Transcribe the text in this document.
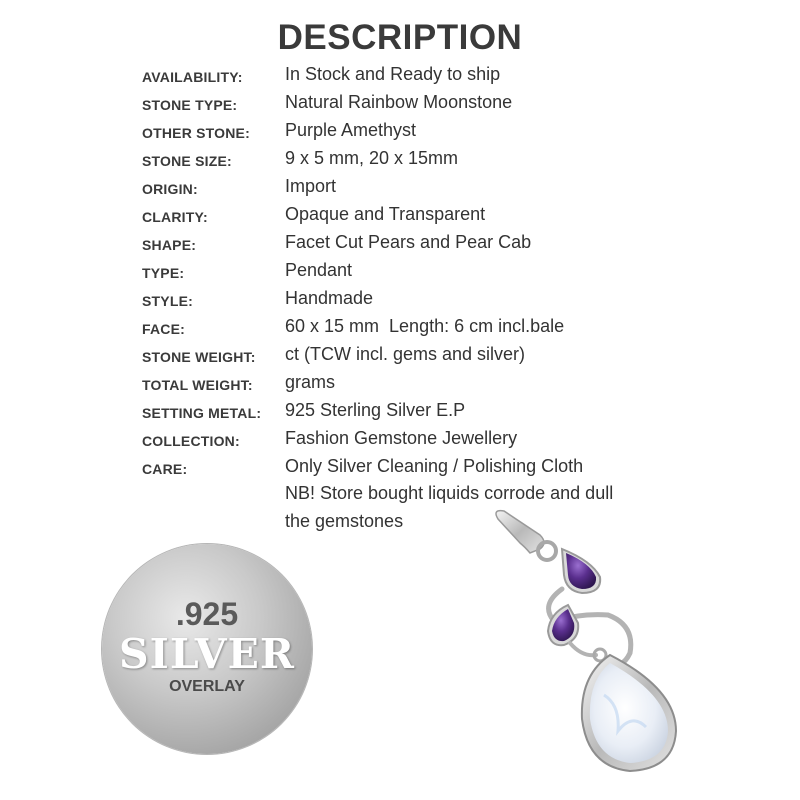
DESCRIPTION
AVAILABILITY: In Stock and Ready to ship
STONE TYPE:	Natural Rainbow Moonstone
OTHER STONE: Purple Amethyst
STONE SIZE:	9 x 5 mm, 20 x 15mm
ORIGIN:	Import
CLARITY:	Opaque and Transparent
SHAPE:	Facet Cut Pears and Pear Cab
TYPE:	Pendant
STYLE:	Handmade
FACE:	60 x 15 mm  Length: 6 cm incl.bale
STONE WEIGHT: ct (TCW incl. gems and silver)
TOTAL WEIGHT: grams
SETTING METAL: 925 Sterling Silver E.P
COLLECTION:	Fashion Gemstone Jewellery
CARE:	Only Silver Cleaning / Polishing Cloth
NB! Store bought liquids corrode and dull
the gemstones
.925
SILVER
OVERLAY
